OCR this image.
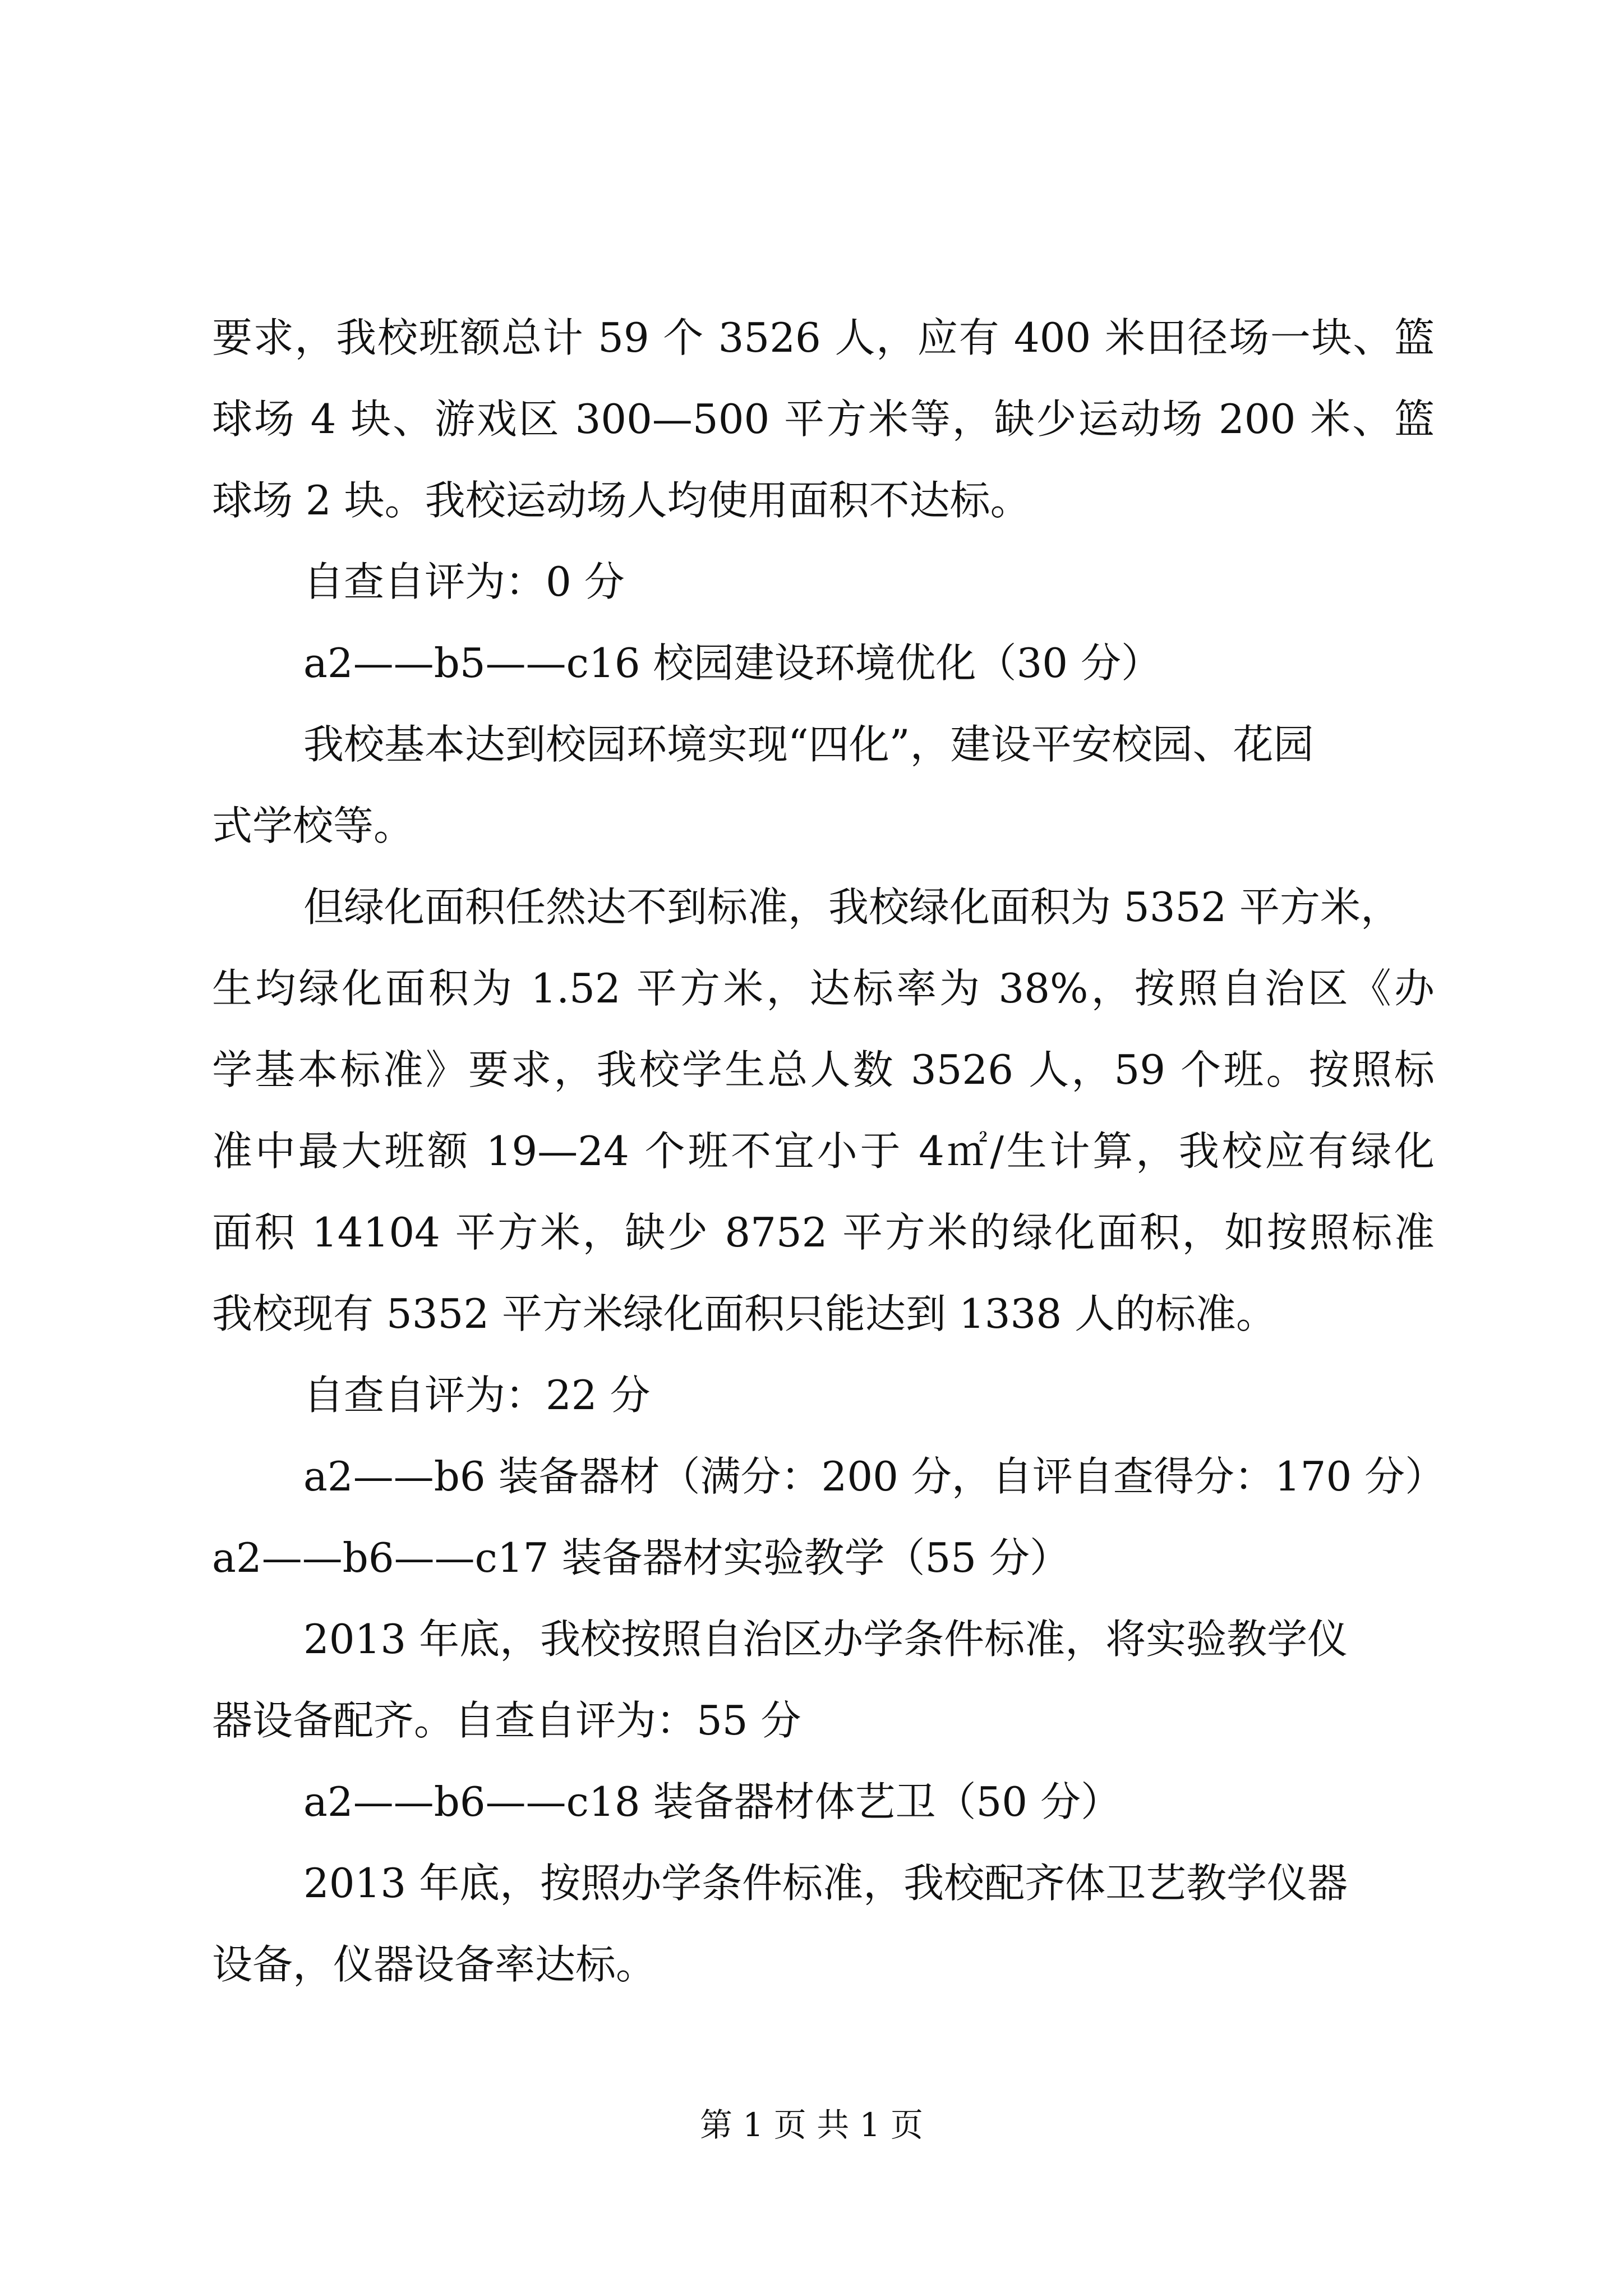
要求，我校班额总计 59 个 3526 人，应有 400 米田径场一块、篮
球场 4 块、游戏区 300—500 平方米等，缺少运动场 200 米、篮
球场 2 块。我校运动场人均使用面积不达标。
自查自评为：0 分
a2——b5——c16 校园建设环境优化（30 分）
我校基本达到校园环境实现“四化”，建设平安校园、花园
式学校等。
但绿化面积任然达不到标准，我校绿化面积为 5352 平方米，
生均绿化面积为 1.52 平方米，达标率为 38%，按照自治区《办
学基本标准》要求，我校学生总人数 3526 人，59 个班。按照标
准中最大班额 19—24 个班不宜小于 4㎡/生计算，我校应有绿化
面积 14104 平方米，缺少 8752 平方米的绿化面积，如按照标准
我校现有 5352 平方米绿化面积只能达到 1338 人的标准。
自查自评为：22 分
a2——b6 装备器材（满分：200 分，自评自查得分：170 分）
a2——b6——c17 装备器材实验教学（55 分）
2013 年底，我校按照自治区办学条件标准，将实验教学仪
器设备配齐。自查自评为：55 分
a2——b6——c18 装备器材体艺卫（50 分）
2013 年底，按照办学条件标准，我校配齐体卫艺教学仪器
设备，仪器设备率达标。
第 1 页 共 1 页
